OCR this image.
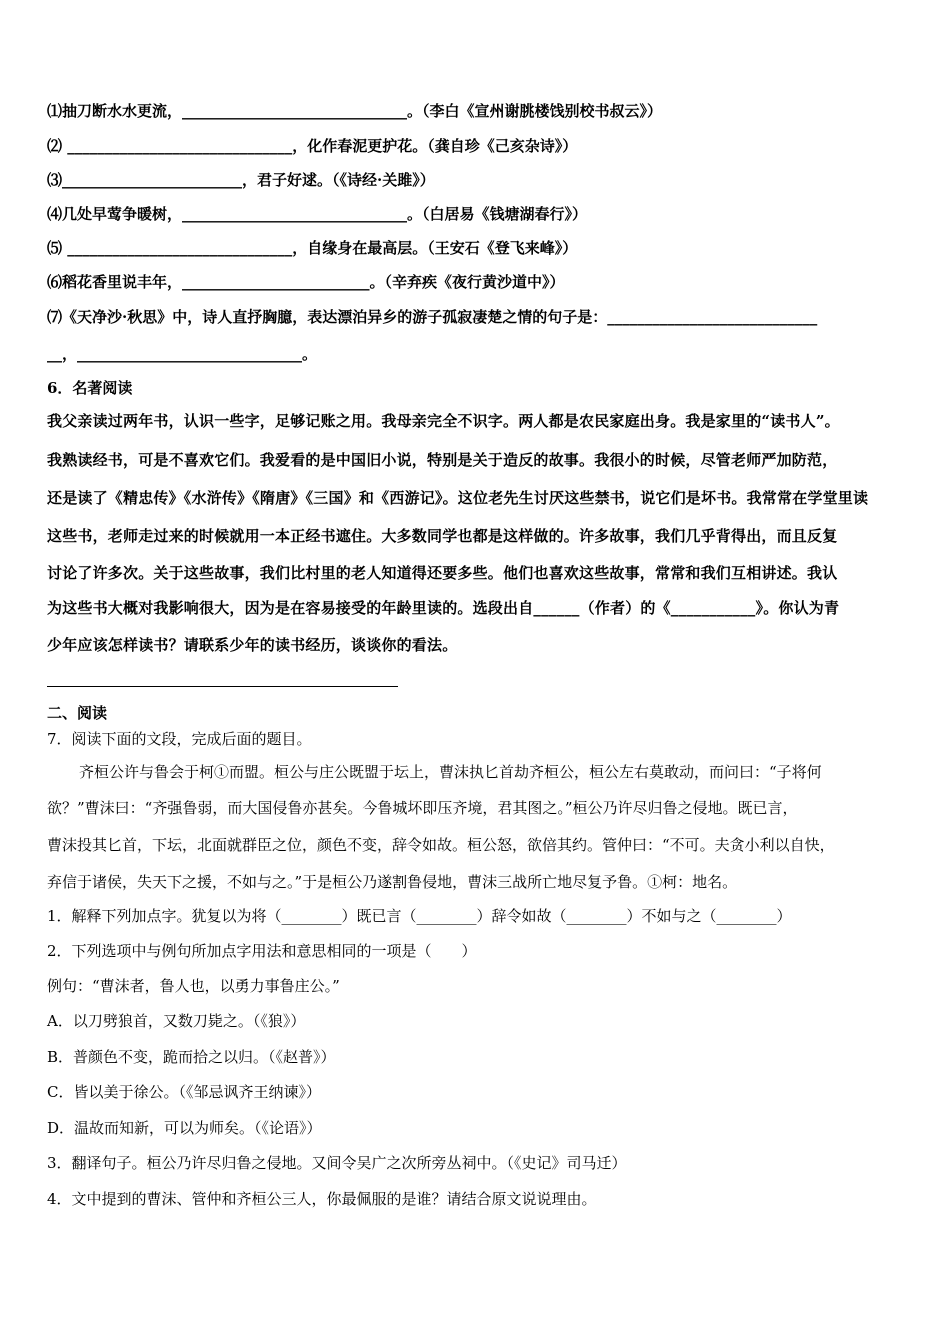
⑴抽刀断水水更流，______________________________。（李白《宣州谢朓楼饯别校书叔云》）
⑵ ______________________________，化作春泥更护花。（龚自珍《己亥杂诗》）
⑶________________________，君子好逑。（《诗经·关雎》）
⑷几处早莺争暖树，______________________________。（白居易《钱塘湖春行》）
⑸ ______________________________，自缘身在最高层。（王安石《登飞来峰》）
⑹稻花香里说丰年，_________________________。（辛弃疾《夜行黄沙道中》）
⑺《天净沙·秋思》中，诗人直抒胸臆，表达漂泊异乡的游子孤寂凄楚之情的句子是：____________________________
__，______________________________。
6．名著阅读
我父亲读过两年书，认识一些字，足够记账之用。我母亲完全不识字。两人都是农民家庭出身。我是家里的“读书人”。
我熟读经书，可是不喜欢它们。我爱看的是中国旧小说，特别是关于造反的故事。我很小的时候，尽管老师严加防范，
还是读了《精忠传》《水浒传》《隋唐》《三国》和《西游记》。这位老先生讨厌这些禁书，说它们是坏书。我常常在学堂里读
这些书，老师走过来的时候就用一本正经书遮住。大多数同学也都是这样做的。许多故事，我们几乎背得出，而且反复
讨论了许多次。关于这些故事，我们比村里的老人知道得还要多些。他们也喜欢这些故事，常常和我们互相讲述。我认
为这些书大概对我影响很大，因为是在容易接受的年龄里读的。选段出自______（作者）的《___________》。你认为青
少年应该怎样读书？请联系少年的读书经历，谈谈你的看法。
二、阅读
7．阅读下面的文段，完成后面的题目。
齐桓公许与鲁会于柯①而盟。桓公与庄公既盟于坛上，曹沫执匕首劫齐桓公，桓公左右莫敢动，而问曰：“子将何
欲？”曹沫曰：“齐强鲁弱，而大国侵鲁亦甚矣。今鲁城坏即压齐境，君其图之。”桓公乃许尽归鲁之侵地。既已言，
曹沫投其匕首，下坛，北面就群臣之位，颜色不变，辞令如故。桓公怒，欲倍其约。管仲曰：“不可。夫贪小利以自快，
弃信于诸侯，失天下之援，不如与之。”于是桓公乃遂割鲁侵地，曹沫三战所亡地尽复予鲁。①柯：地名。
1．解释下列加点字。犹复以为将（________）既已言（________）辞令如故（________）不如与之（________）
2．下列选项中与例句所加点字用法和意思相同的一项是（　　）
例句：“曹沫者，鲁人也，以勇力事鲁庄公。”
A．以刀劈狼首，又数刀毙之。（《狼》）
B．普颜色不变，跪而拾之以归。（《赵普》）
C．皆以美于徐公。（《邹忌讽齐王纳谏》）
D．温故而知新，可以为师矣。（《论语》）
3．翻译句子。桓公乃许尽归鲁之侵地。又间令吴广之次所旁丛祠中。（《史记》司马迁）
4．文中提到的曹沫、管仲和齐桓公三人，你最佩服的是谁？请结合原文说说理由。
